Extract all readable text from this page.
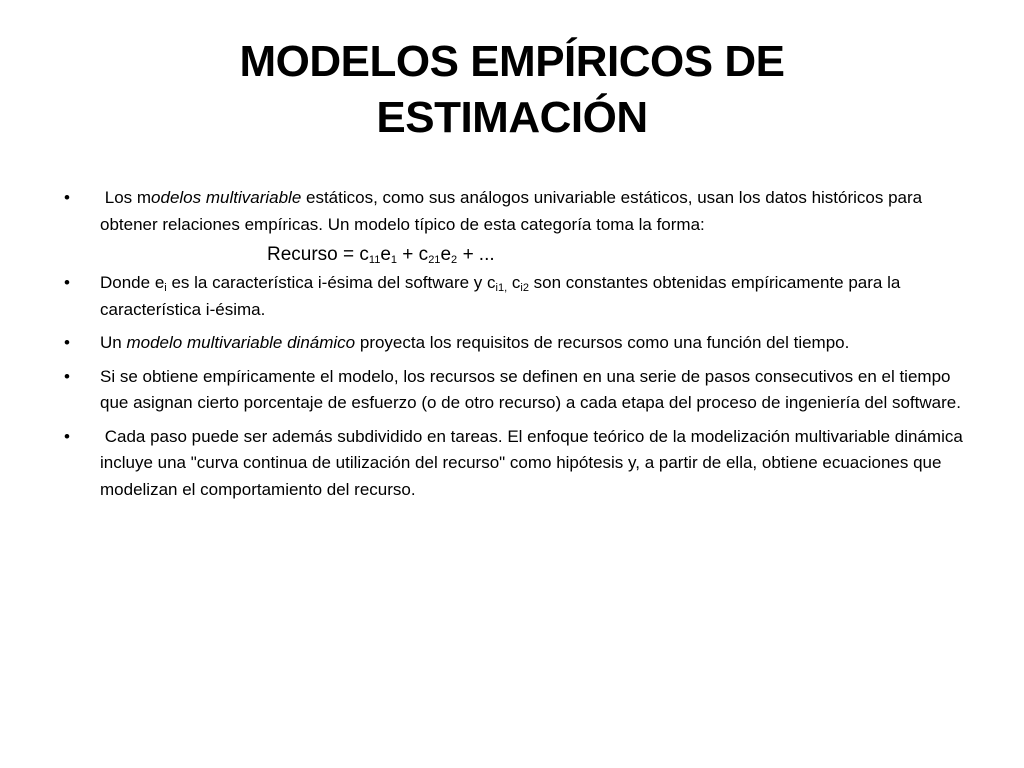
MODELOS EMPÍRICOS DE
ESTIMACIÓN
• Los modelos multivariable estáticos, como sus análogos univariable estáticos, usan los datos históricos para obtener relaciones empíricas. Un modelo típico de esta categoría toma la forma:
Recurso = $c_{11}e_1 + c_{21}e_2$ + ...
• Donde $e_i$ es la característica i-ésima del software y $c_{i1,}$ $c_{i2}$ son constantes obtenidas empíricamente para la característica i-ésima.
• Un modelo multivariable dinámico proyecta los requisitos de recursos como una función del tiempo.
• Si se obtiene empíricamente el modelo, los recursos se definen en una serie de pasos consecutivos en el tiempo que asignan cierto porcentaje de esfuerzo (o de otro recurso) a cada etapa del proceso de ingeniería del software.
• Cada paso puede ser además subdividido en tareas. El enfoque teórico de la modelización multivariable dinámica incluye una "curva continua de utilización del recurso" como hipótesis y, a partir de ella, obtiene ecuaciones que modelizan el comportamiento del recurso.
